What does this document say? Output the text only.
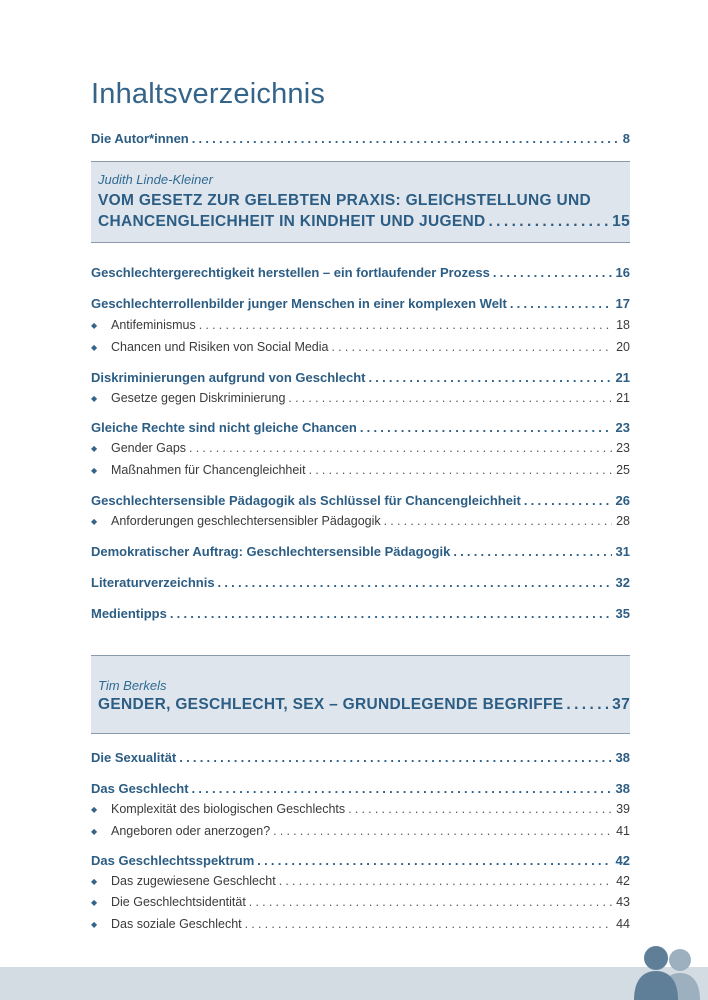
Inhaltsverzeichnis
Die Autor*innen .....	8
Judith Linde-Kleiner
VOM GESETZ ZUR GELEBTEN PRAXIS: GLEICHSTELLUNG UND
CHANCENGLEICHHEIT IN KINDHEIT UND JUGEND .....	15
Geschlechtergerechtigkeit herstellen – ein fortlaufender Prozess .....	16
Geschlechterrollenbilder junger Menschen in einer komplexen Welt .....	17
◆ Antifeminismus .....	18
◆ Chancen und Risiken von Social Media .....	20
Diskriminierungen aufgrund von Geschlecht .....	21
◆ Gesetze gegen Diskriminierung .....	21
Gleiche Rechte sind nicht gleiche Chancen .....	23
◆ Gender Gaps .....	23
◆ Maßnahmen für Chancengleichheit .....	25
Geschlechtersensible Pädagogik als Schlüssel für Chancengleichheit .....	26
◆ Anforderungen geschlechtersensibler Pädagogik .....	28
Demokratischer Auftrag: Geschlechtersensible Pädagogik .....	31
Literaturverzeichnis .....	32
Medientipps .....	35
Tim Berkels
GENDER, GESCHLECHT, SEX – GRUNDLEGENDE BEGRIFFE .....	37
Die Sexualität .....	38
Das Geschlecht .....	38
◆ Komplexität des biologischen Geschlechts .....	39
◆ Angeboren oder anerzogen? .....	41
Das Geschlechtsspektrum .....	42
◆ Das zugewiesene Geschlecht .....	42
◆ Die Geschlechtsidentität .....	43
◆ Das soziale Geschlecht .....	44
